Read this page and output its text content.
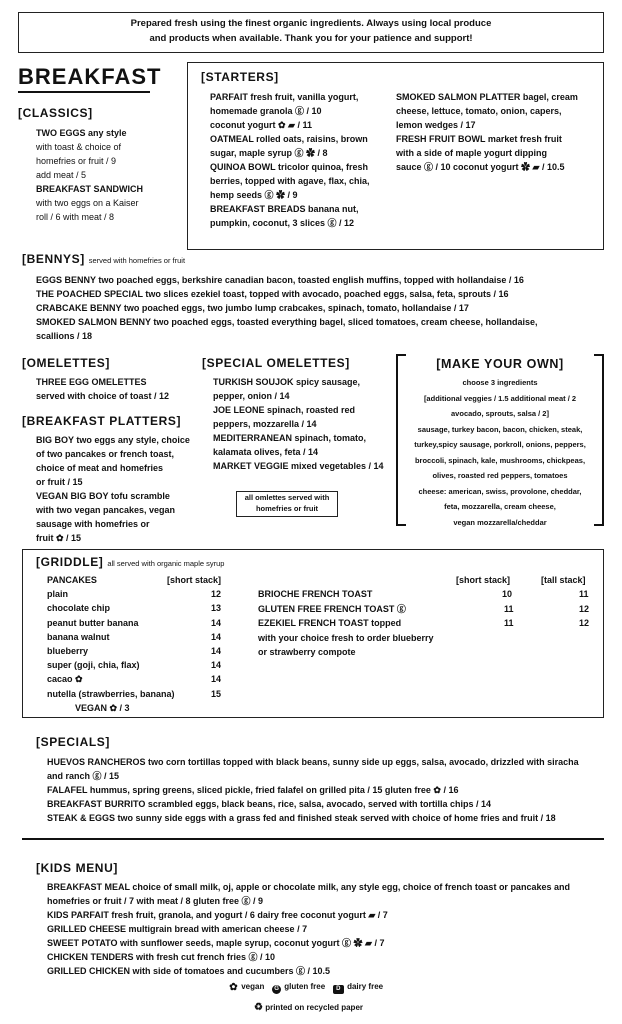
Prepared fresh using the finest organic ingredients. Always using local produce
and products when available. Thank you for your patience and support!
BREAKFAST
[CLASSICS]
TWO EGGS any style
with toast & choice of
homefries or fruit / 9
add meat / 5
BREAKFAST SANDWICH
with two eggs on a Kaiser
roll / 6 with meat / 8
[STARTERS]
PARFAIT fresh fruit, vanilla yogurt,
homemade granola ⓖ / 10
coconut yogurt ✿ ▰ / 11
OATMEAL rolled oats, raisins, brown
sugar, maple syrup ⓖ ✿ / 8
QUINOA BOWL tricolor quinoa, fresh
berries, topped with agave, flax, chia,
hemp seeds ⓖ ✿ / 9
BREAKFAST BREADS banana nut,
pumpkin, coconut, 3 slices ⓖ / 12
SMOKED SALMON PLATTER bagel, cream
cheese, lettuce, tomato, onion, capers,
lemon wedges / 17
FRESH FRUIT BOWL market fresh fruit
with a side of maple yogurt dipping
sauce ⓖ / 10 coconut yogurt ✿ ▰ / 10.5
[BENNYS] served with homefries or fruit
EGGS BENNY two poached eggs, berkshire canadian bacon, toasted english muffins, topped with hollandaise / 16
THE POACHED SPECIAL two slices ezekiel toast, topped with avocado, poached eggs, salsa, feta, sprouts / 16
CRABCAKE BENNY two poached eggs, two jumbo lump crabcakes, spinach, tomato, hollandaise / 17
SMOKED SALMON BENNY two poached eggs, toasted everything bagel, sliced tomatoes, cream cheese, hollandaise,
scallions / 18
[OMELETTES]
THREE EGG OMELETTES
served with choice of toast / 12
[BREAKFAST PLATTERS]
BIG BOY two eggs any style, choice
of two pancakes or french toast,
choice of meat and homefries
or fruit / 15
VEGAN BIG BOY tofu scramble
with two vegan pancakes, vegan
sausage with homefries or
fruit ✿ / 15
[SPECIAL OMELETTES]
TURKISH SOUJOK spicy sausage,
pepper, onion / 14
JOE LEONE spinach, roasted red
peppers, mozzarella / 14
MEDITERRANEAN spinach, tomato,
kalamata olives, feta / 14
MARKET VEGGIE mixed vegetables / 14
all omlettes served with
homefries or fruit
[MAKE YOUR OWN]
choose 3 ingredients
[additional veggies / 1.5 additional meat / 2
avocado, sprouts, salsa / 2]
sausage, turkey bacon, bacon, chicken, steak,
turkey,spicy sausage, porkroll, onions, peppers,
broccoli, spinach, kale, mushrooms, chickpeas,
olives, roasted red peppers, tomatoes
cheese: american, swiss, provolone, cheddar,
feta, mozzarella, cream cheese,
vegan mozzarella/cheddar
[GRIDDLE] all served with organic maple syrup
PANCAKES	[short stack]
plain	12
chocolate chip	13
peanut butter banana	14
banana walnut	14
blueberry	14
super (goji, chia, flax)	14
cacao ✿	14
nutella (strawberries, banana)	15
VEGAN ✿ / 3
[short stack]	[tall stack]
BRIOCHE FRENCH TOAST	10	11
GLUTEN FREE FRENCH TOAST ⓖ	11	12
EZEKIEL FRENCH TOAST topped	11	12
with your choice fresh to order blueberry
or strawberry compote
[SPECIALS]
HUEVOS RANCHEROS two corn tortillas topped with black beans, sunny side up eggs, salsa, avocado, drizzled with siracha
and ranch ⓖ / 15
FALAFEL hummus, spring greens, sliced pickle, fried falafel on grilled pita / 15 gluten free ✿ / 16
BREAKFAST BURRITO scrambled eggs, black beans, rice, salsa, avocado, served with tortilla chips / 14
STEAK & EGGS two sunny side eggs with a grass fed and finished steak served with choice of home fries and fruit / 18
[KIDS MENU]
BREAKFAST MEAL choice of small milk, oj, apple or chocolate milk, any style egg, choice of french toast or pancakes and
homefries or fruit / 7 with meat / 8 gluten free ⓖ / 9
KIDS PARFAIT fresh fruit, granola, and yogurt / 6 dairy free coconut yogurt ▰ / 7
GRILLED CHEESE multigrain bread with american cheese / 7
SWEET POTATO with sunflower seeds, maple syrup, coconut yogurt ⓖ ✿ ▰ / 7
CHICKEN TENDERS with fresh cut french fries ⓖ / 10
GRILLED CHICKEN with side of tomatoes and cucumbers ⓖ / 10.5
✿ vegan G gluten free D dairy free
♻ printed on recycled paper
